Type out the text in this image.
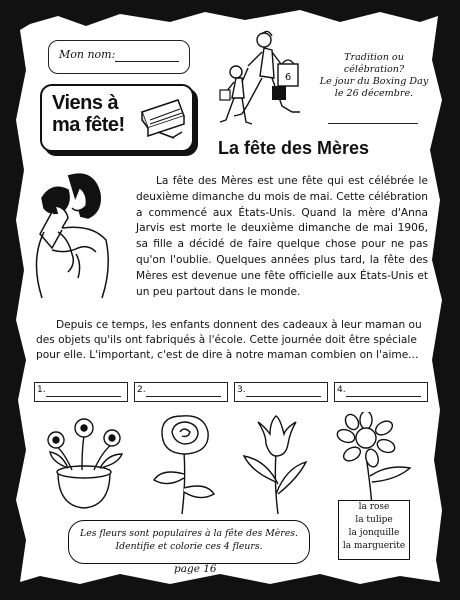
Mon nom:
Viens à
ma fête!
6
Tradition ou
célébration?
Le jour du Boxing Day
le 26 décembre.
La fête des Mères
La fête des Mères est une fête qui est célébrée le deuxième dimanche du mois de mai. Cette célébration a commencé aux États-Unis. Quand la mère d'Anna Jarvis est morte le deuxième dimanche de mai 1906, sa fille a décidé de faire quelque chose pour ne pas qu'on l'oublie. Quelques années plus tard, la fête des Mères est devenue une fête officielle aux États-Unis et un peu partout dans le monde.
Depuis ce temps, les enfants donnent des cadeaux à leur maman ou des objets qu'ils ont fabriqués à l'école. Cette journée doit être spéciale pour elle. L'important, c'est de dire à notre maman combien on l'aime...
1.	2.	3.	4.
Les fleurs sont populaires à la fête des Mères.
Identifie et colorie ces 4 fleurs.
la rose
la tulipe
la jonquille
la marguerite
page 16
